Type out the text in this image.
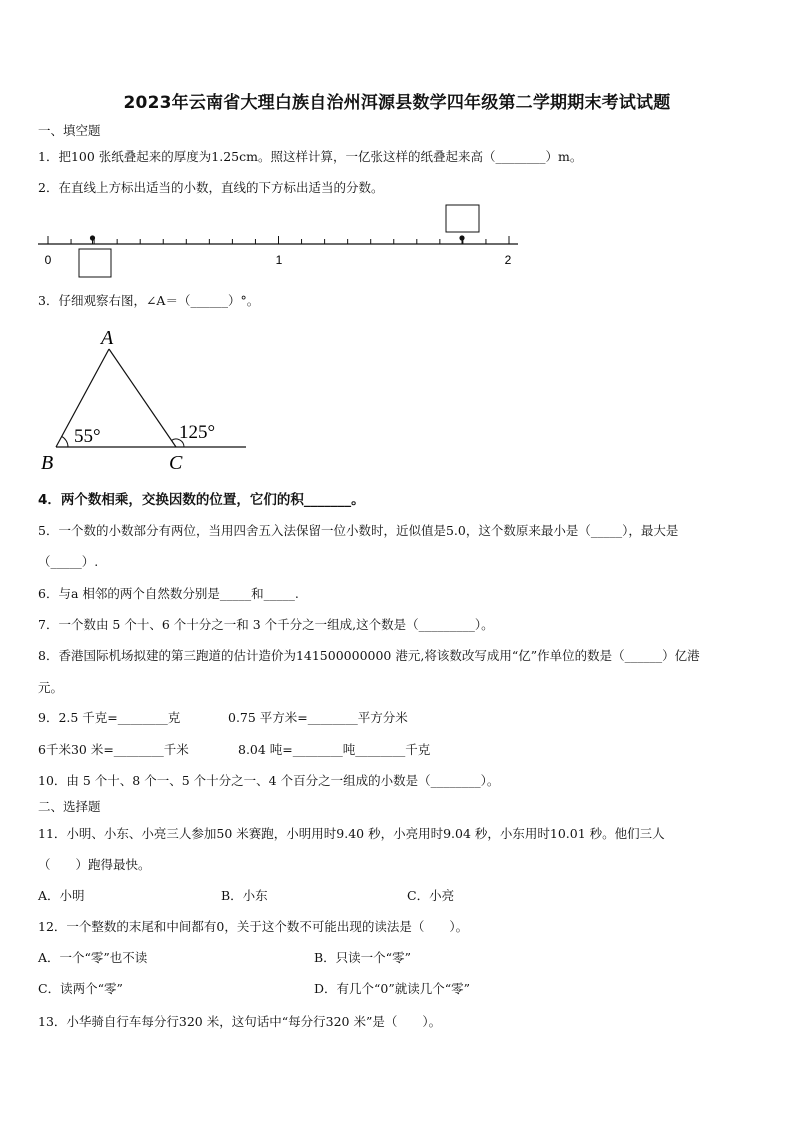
2023年云南省大理白族自治州洱源县数学四年级第二学期期末考试试题
一、填空题
1．把100 张纸叠起来的厚度为1.25cm。照这样计算，一亿张这样的纸叠起来高（________）m。
2．在直线上方标出适当的小数，直线的下方标出适当的分数。
0	1	2
3．仔细观察右图，∠A＝（______）°。
A
B	C
55°	125°
4．两个数相乘，交换因数的位置，它们的积_______。
5．一个数的小数部分有两位，当用四舍五入法保留一位小数时，近似值是5.0，这个数原来最小是（_____），最大是
（_____）.
6．与a 相邻的两个自然数分别是_____和_____.
7．一个数由 5 个十、6 个十分之一和 3 个千分之一组成,这个数是（_________）。
8．香港国际机场拟建的第三跑道的估计造价为141500000000 港元,将该数改写成用“亿”作单位的数是（______）亿港
元。
9．2.5 千克=________克	0.75 平方米=________平方分米
6千米30 米=________千米	8.04 吨=________吨________千克
10．由 5 个十、8 个一、5 个十分之一、4 个百分之一组成的小数是（________）。
二、选择题
11．小明、小东、小亮三人参加50 米赛跑，小明用时9.40 秒，小亮用时9.04 秒，小东用时10.01 秒。他们三人
（　　）跑得最快。
A．小明	B．小东	C．小亮
12．一个整数的末尾和中间都有0，关于这个数不可能出现的读法是（　　）。
A．一个“零”也不读	B．只读一个“零”
C．读两个“零”	D．有几个“0”就读几个“零”
13．小华骑自行车每分行320 米，这句话中“每分行320 米”是（　　）。
